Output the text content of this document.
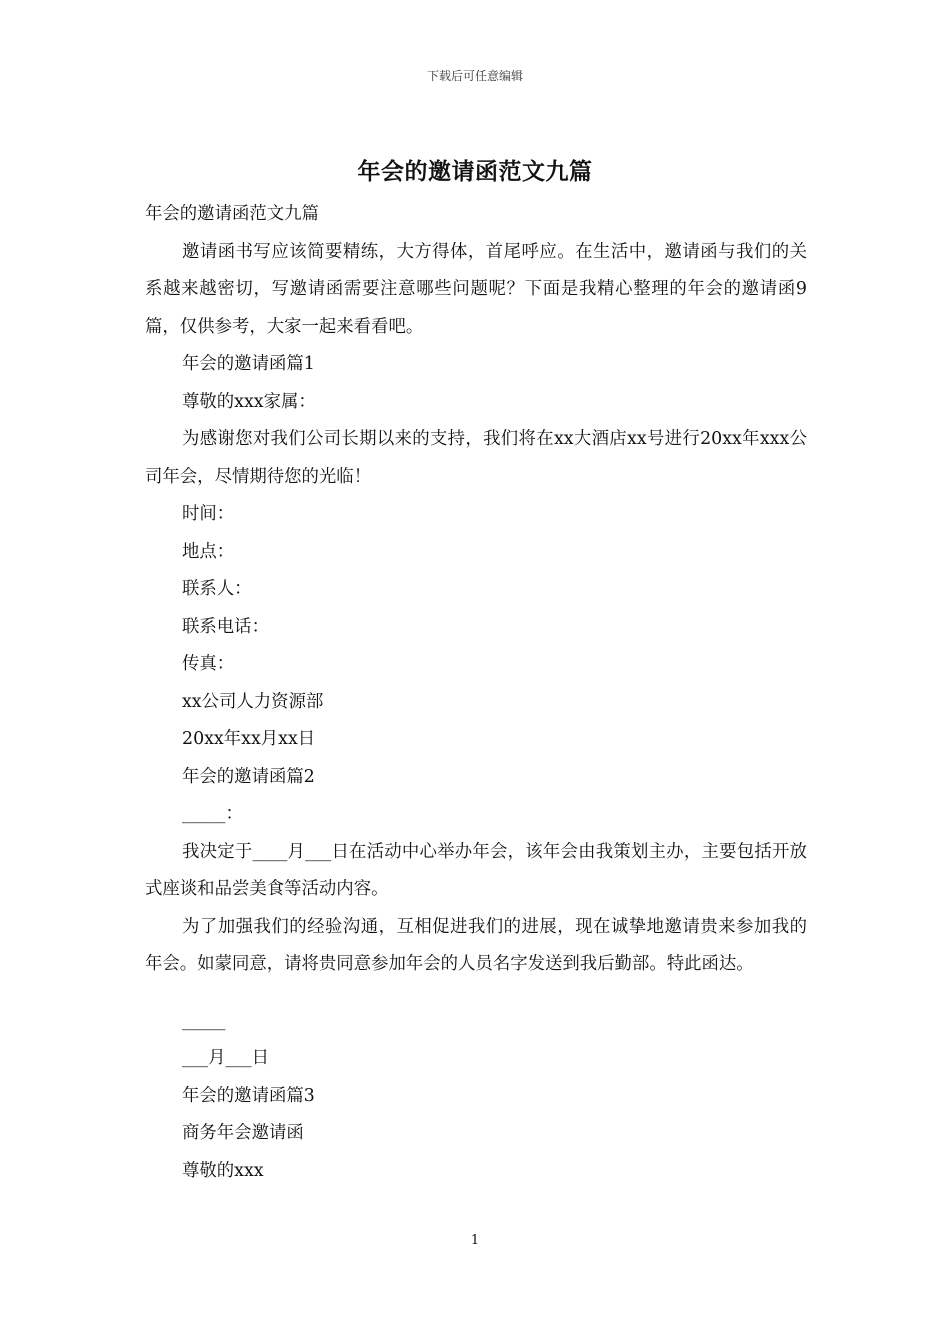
下载后可任意编辑
年会的邀请函范文九篇

年会的邀请函范文九篇

邀请函书写应该简要精练，大方得体，首尾呼应。在生活中，邀请函与我们的关系越来越密切，写邀请函需要注意哪些问题呢？下面是我精心整理的年会的邀请函9篇，仅供参考，大家一起来看看吧。

年会的邀请函篇1

尊敬的xxx家属：

为感谢您对我们公司长期以来的支持，我们将在xx大酒店xx号进行20xx年xxx公司年会，尽情期待您的光临！

时间：

地点：

联系人：

联系电话：

传真：

xx公司人力资源部

20xx年xx月xx日

年会的邀请函篇2

_____：

我决定于____月___日在活动中心举办年会，该年会由我策划主办，主要包括开放式座谈和品尝美食等活动内容。

为了加强我们的经验沟通，互相促进我们的进展，现在诚挚地邀请贵来参加我的年会。如蒙同意，请将贵同意参加年会的人员名字发送到我后勤部。特此函达。

_____

___月___日

年会的邀请函篇3

商务年会邀请函

尊敬的xxx

1
